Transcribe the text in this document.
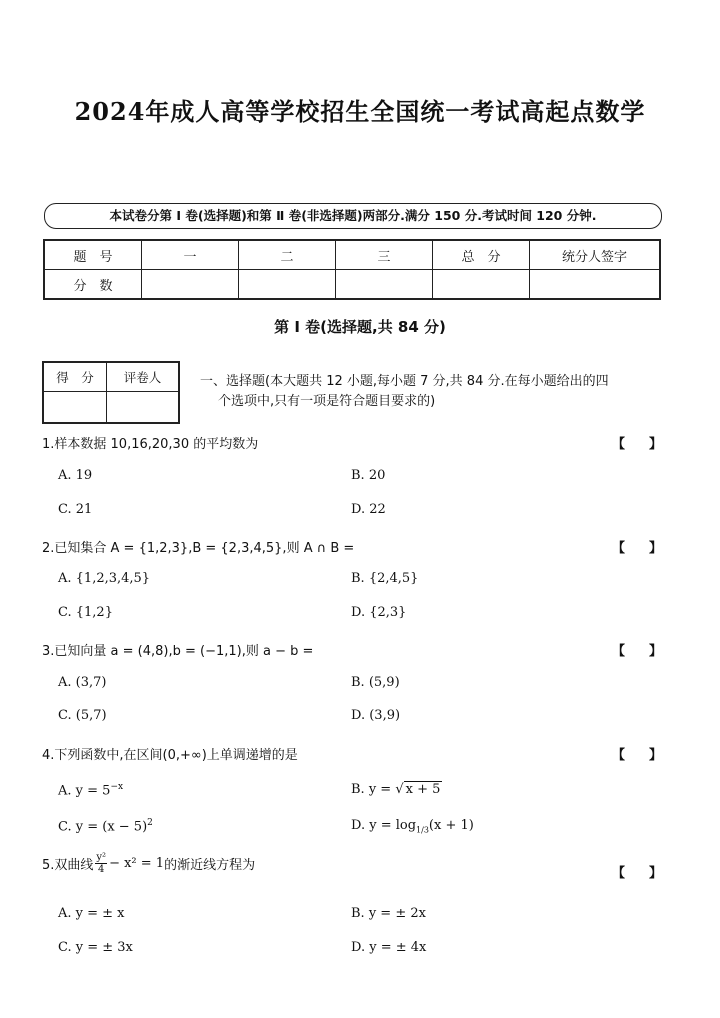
2024年成人高等学校招生全国统一考试高起点数学
本试卷分第 Ⅰ 卷(选择题)和第 Ⅱ 卷(非选择题)两部分.满分 150 分.考试时间 120 分钟.
题　号	一	二	三	总　分	统分人签字
分　数					
第 Ⅰ 卷(选择题,共 84 分)
得　分	评卷人
		一、选择题(本大题共 12 小题,每小题 7 分,共 84 分.在每小题给出的四
个选项中,只有一项是符合题目要求的)
1.样本数据 10,16,20,30 的平均数为	【 】
A. 19	B. 20
C. 21	D. 22
2.已知集合 A = {1,2,3},B = {2,3,4,5},则 A ∩ B =	【 】
A. {1,2,3,4,5}	B. {2,4,5}
C. {1,2}	D. {2,3}
3.已知向量 a = (4,8),b = (−1,1),则 a − b =	【 】
A. (3,7)	B. (5,9)
C. (5,7)	D. (3,9)
4.下列函数中,在区间(0,+∞)上单调递增的是	【 】
A. $y = 5^{-x}$	B. y = √ x + 5
C. $y = (x - 5)^2$	D. $y = \log_{1/3}(x + 1)$
5.双曲线 $\frac{\text{y²}}{4} - x^2 = 1$ 的渐近线方程为
【 】
A. y = ± x	B. y = ± 2x
C. y = ± 3x	D. y = ± 4x
